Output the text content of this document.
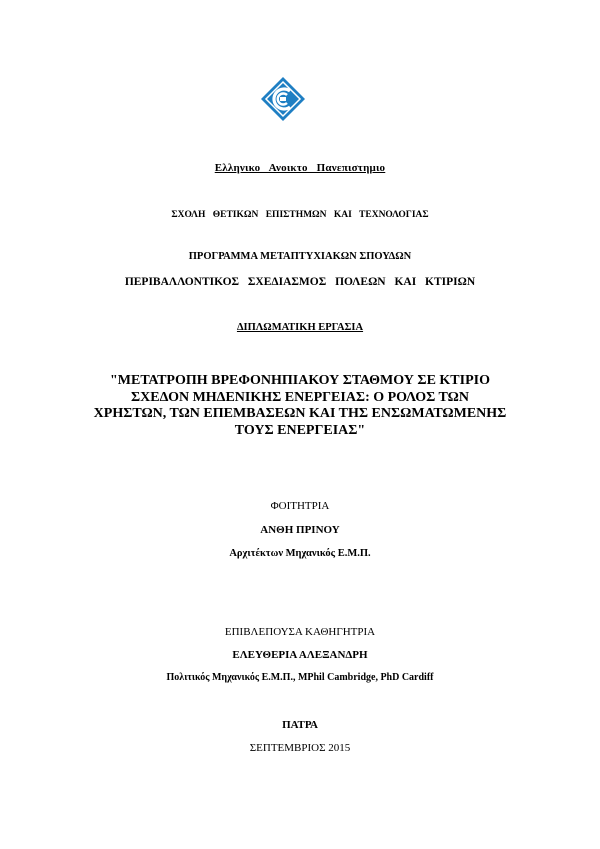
Ελληνικο Ανοικτο Πανεπιστημιο
ΣΧΟΛΗ ΘΕΤΙΚΩΝ ΕΠΙΣΤΗΜΩΝ ΚΑΙ ΤΕΧΝΟΛΟΓΙΑΣ
ΠΡΟΓΡΑΜΜΑ ΜΕΤΑΠΤΥΧΙΑΚΩΝ ΣΠΟΥΔΩΝ
ΠΕΡΙΒΑΛΛΟΝΤΙΚΟΣ ΣΧΕΔΙΑΣΜΟΣ ΠΟΛΕΩΝ ΚΑΙ ΚΤΙΡΙΩΝ
ΔΙΠΛΩΜΑΤΙΚΗ ΕΡΓΑΣΙΑ
"ΜΕΤΑΤΡΟΠΗ ΒΡΕΦΟΝΗΠΙΑΚΟΥ ΣΤΑΘΜΟΥ ΣΕ ΚΤΙΡΙΟ
ΣΧΕΔΟΝ ΜΗΔΕΝΙΚΗΣ ΕΝΕΡΓΕΙΑΣ: Ο ΡΟΛΟΣ ΤΩΝ
ΧΡΗΣΤΩΝ, ΤΩΝ ΕΠΕΜΒΑΣΕΩΝ ΚΑΙ ΤΗΣ ΕΝΣΩΜΑΤΩΜΕΝΗΣ
ΤΟΥΣ ΕΝΕΡΓΕΙΑΣ"
ΦΟΙΤΗΤΡΙΑ
ΑΝΘΗ ΠΡΙΝΟΥ
Αρχιτέκτων Μηχανικός Ε.Μ.Π.
ΕΠΙΒΛΕΠΟΥΣΑ ΚΑΘΗΓΗΤΡΙΑ
ΕΛΕΥΘΕΡΙΑ ΑΛΕΞΑΝΔΡΗ
Πολιτικός Μηχανικός Ε.Μ.Π., MPhil Cambridge, PhD Cardiff
ΠΑΤΡΑ
ΣΕΠΤΕΜΒΡΙΟΣ 2015
